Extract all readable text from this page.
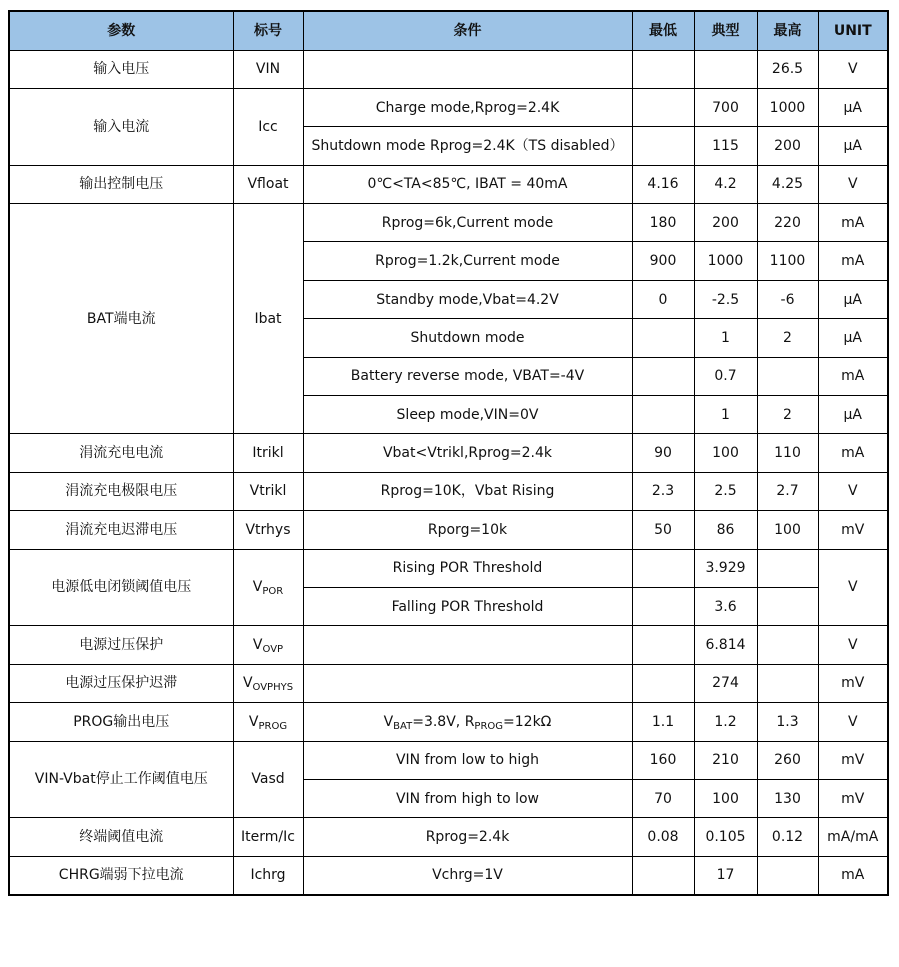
参数	标号	条件	最低	典型	最高	UNIT
输入电压	VIN				26.5	V
输入电流	Icc	Charge mode,Rprog=2.4K		700	1000	μA
		Shutdown mode Rprog=2.4K（TS disabled）		115	200	μA
输出控制电压	Vfloat	0℃<TA<85℃, IBAT = 40mA	4.16	4.2	4.25	V
BAT端电流	Ibat	Rprog=6k,Current mode	180	200	220	mA
		Rprog=1.2k,Current mode	900	1000	1100	mA
		Standby mode,Vbat=4.2V	0	-2.5	-6	μA
		Shutdown mode		1	2	μA
		Battery reverse mode, VBAT=-4V		0.7		mA
		Sleep mode,VIN=0V		1	2	μA
涓流充电电流	Itrikl	Vbat<Vtrikl,Rprog=2.4k	90	100	110	mA
涓流充电极限电压	Vtrikl	Rprog=10K，Vbat Rising	2.3	2.5	2.7	V
涓流充电迟滞电压	Vtrhys	Rporg=10k	50	86	100	mV
电源低电闭锁阈值电压	$V_{POR}$	Rising POR Threshold		3.929		V
		Falling POR Threshold		3.6		
电源过压保护	$V_{OVP}$			6.814		V
电源过压保护迟滞	$V_{OVPHYS}$			274		mV
PROG输出电压	$V_{PROG}$	$V_{BAT}=3.8V$, $R_{PROG}=12k\Omega$	1.1	1.2	1.3	V
VIN-Vbat停止工作阈值电压	Vasd	VIN from low to high	160	210	260	mV
		VIN from high to low	70	100	130	mV
终端阈值电流	Iterm/Ic	Rprog=2.4k	0.08	0.105	0.12	mA/mA
CHRG端弱下拉电流	Ichrg	Vchrg=1V		17		mA
